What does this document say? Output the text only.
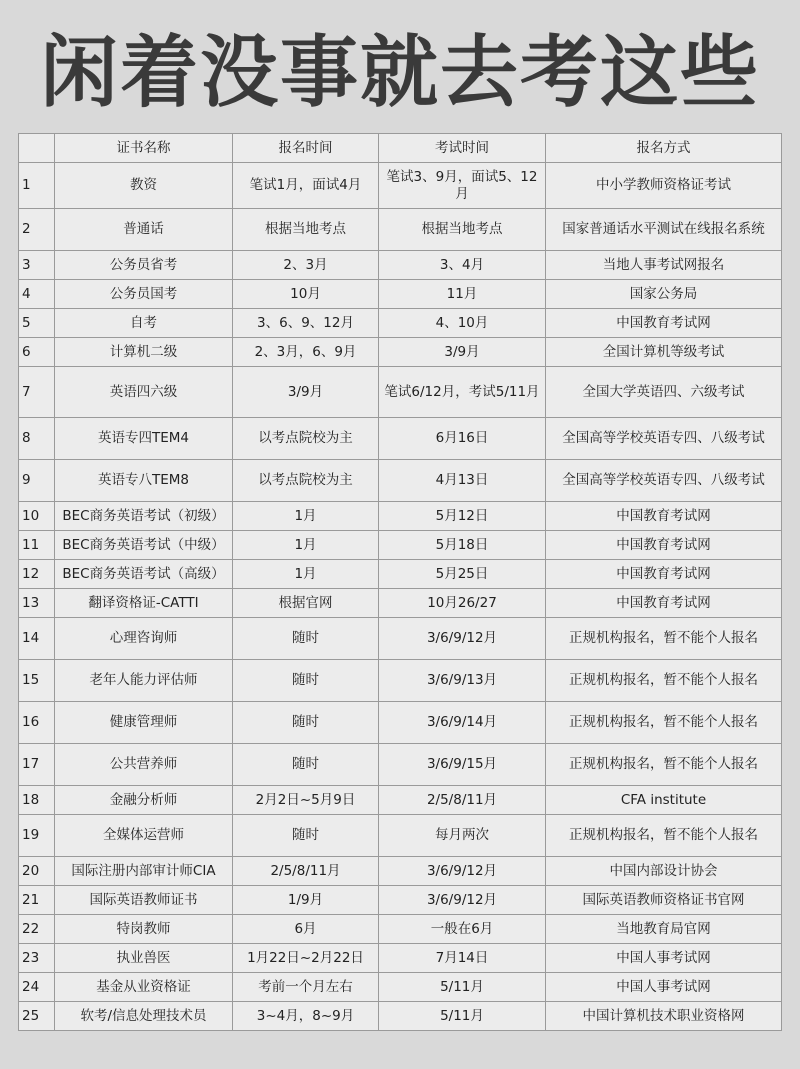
闲着没事就去考这些
	证书名称	报名时间	考试时间	报名方式
1	教资	笔试1月，面试4月	笔试3、9月，面试5、12月	中小学教师资格证考试
2	普通话	根据当地考点	根据当地考点	国家普通话水平测试在线报名系统
3	公务员省考	2、3月	3、4月	当地人事考试网报名
4	公务员国考	10月	11月	国家公务局
5	自考	3、6、9、12月	4、10月	中国教育考试网
6	计算机二级	2、3月，6、9月	3/9月	全国计算机等级考试
7	英语四六级	3/9月	笔试6/12月，考试5/11月	全国大学英语四、六级考试
8	英语专四TEM4	以考点院校为主	6月16日	全国高等学校英语专四、八级考试
9	英语专八TEM8	以考点院校为主	4月13日	全国高等学校英语专四、八级考试
10	BEC商务英语考试（初级）	1月	5月12日	中国教育考试网
11	BEC商务英语考试（中级）	1月	5月18日	中国教育考试网
12	BEC商务英语考试（高级）	1月	5月25日	中国教育考试网
13	翻译资格证-CATTI	根据官网	10月26/27	中国教育考试网
14	心理咨询师	随时	3/6/9/12月	正规机构报名，暂不能个人报名
15	老年人能力评估师	随时	3/6/9/13月	正规机构报名，暂不能个人报名
16	健康管理师	随时	3/6/9/14月	正规机构报名，暂不能个人报名
17	公共营养师	随时	3/6/9/15月	正规机构报名，暂不能个人报名
18	金融分析师	2月2日~5月9日	2/5/8/11月	CFA institute
19	全媒体运营师	随时	每月两次	正规机构报名，暂不能个人报名
20	国际注册内部审计师CIA	2/5/8/11月	3/6/9/12月	中国内部设计协会
21	国际英语教师证书	1/9月	3/6/9/12月	国际英语教师资格证书官网
22	特岗教师	6月	一般在6月	当地教育局官网
23	执业兽医	1月22日~2月22日	7月14日	中国人事考试网
24	基金从业资格证	考前一个月左右	5/11月	中国人事考试网
25	软考/信息处理技术员	3~4月，8~9月	5/11月	中国计算机技术职业资格网
